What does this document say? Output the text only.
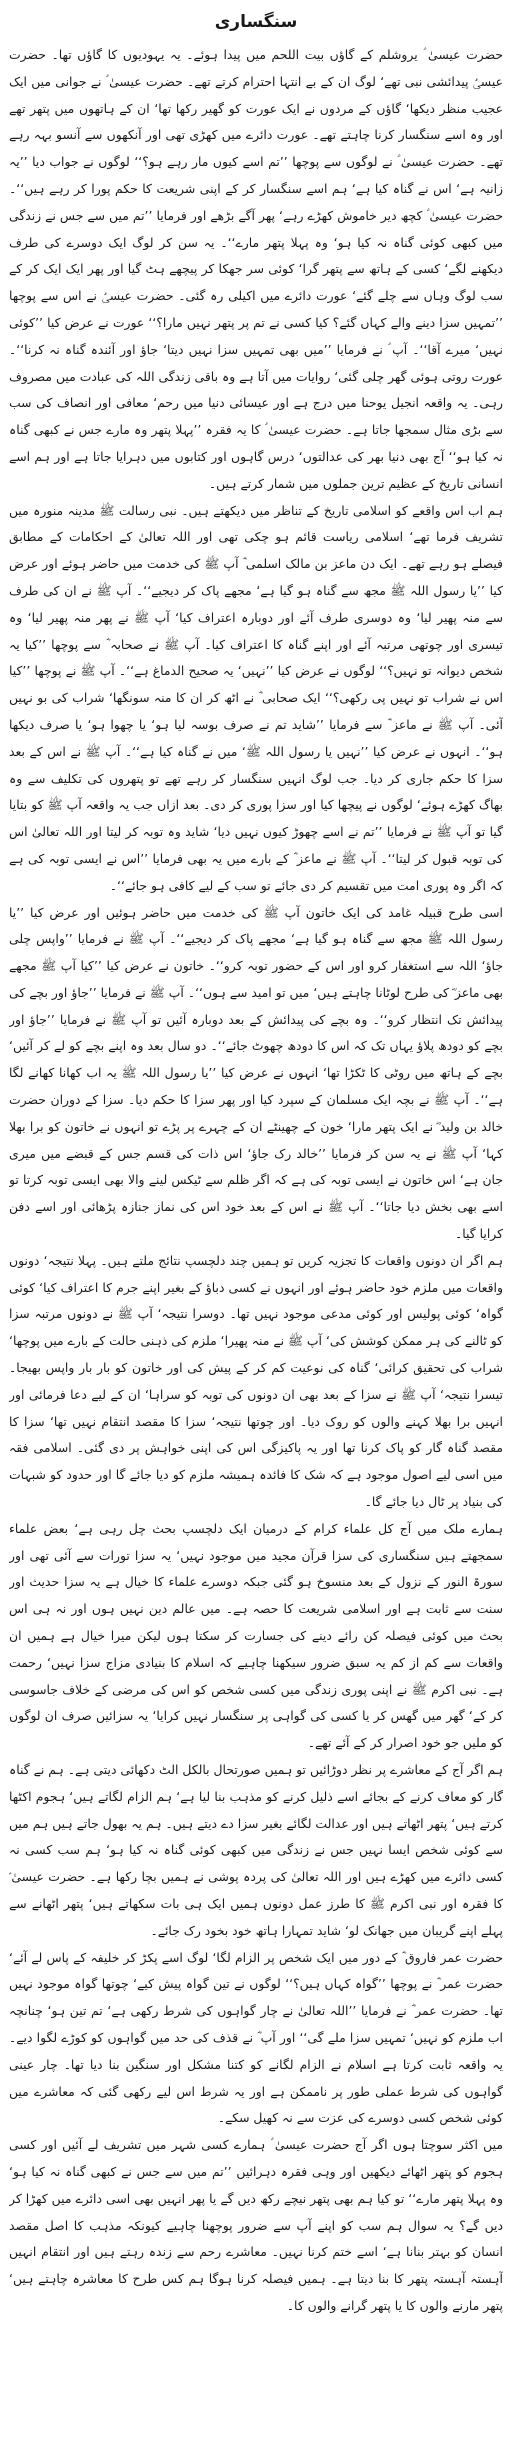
سنگساری

حضرت عیسیٰ ؑ یروشلم کے گاؤں بیت اللحم میں پیدا ہوئے۔ یہ یہودیوں کا گاؤں تھا۔ حضرت عیسیٰؑ پیدائشی نبی تھے‘ لوگ ان کے بے انتہا احترام کرتے تھے۔ حضرت عیسیٰ ؑ نے جوانی میں ایک عجیب منظر دیکھا‘ گاؤں کے مردوں نے ایک عورت کو گھیر رکھا تھا‘ ان کے ہاتھوں میں پتھر تھے اور وہ اسے سنگسار کرنا چاہتے تھے۔ عورت دائرے میں کھڑی تھی اور آنکھوں سے آنسو بہہ رہے تھے۔ حضرت عیسیٰ ؑ نے لوگوں سے پوچھا ’’تم اسے کیوں مار رہے ہو؟‘‘ لوگوں نے جواب دیا ’’یہ زانیہ ہے‘ اس نے گناہ کیا ہے‘ ہم اسے سنگسار کر کے اپنی شریعت کا حکم پورا کر رہے ہیں‘‘۔ حضرت عیسیٰ ؑ کچھ دیر خاموش کھڑے رہے‘ پھر آگے بڑھے اور فرمایا ’’تم میں سے جس نے زندگی میں کبھی کوئی گناہ نہ کیا ہو‘ وہ پہلا پتھر مارے‘‘۔ یہ سن کر لوگ ایک دوسرے کی طرف دیکھنے لگے‘ کسی کے ہاتھ سے پتھر گرا‘ کوئی سر جھکا کر پیچھے ہٹ گیا اور پھر ایک ایک کر کے سب لوگ وہاں سے چلے گئے‘ عورت دائرے میں اکیلی رہ گئی۔ حضرت عیسیٰؑ نے اس سے پوچھا ’’تمہیں سزا دینے والے کہاں گئے؟ کیا کسی نے تم پر پتھر نہیں مارا؟‘‘ عورت نے عرض کیا ’’کوئی نہیں‘ میرے آقا‘‘۔ آپ ؑ نے فرمایا ’’میں بھی تمہیں سزا نہیں دیتا‘ جاؤ اور آئندہ گناہ نہ کرنا‘‘۔ عورت روتی ہوئی گھر چلی گئی‘ روایات میں آتا ہے وہ باقی زندگی اللہ کی عبادت میں مصروف رہی۔ یہ واقعہ انجیل یوحنا میں درج ہے اور عیسائی دنیا میں رحم‘ معافی اور انصاف کی سب سے بڑی مثال سمجھا جاتا ہے۔ حضرت عیسیٰ ؑ کا یہ فقرہ ’’پہلا پتھر وہ مارے جس نے کبھی گناہ نہ کیا ہو‘‘ آج بھی دنیا بھر کی عدالتوں‘ درس گاہوں اور کتابوں میں دہرایا جاتا ہے اور ہم اسے انسانی تاریخ کے عظیم ترین جملوں میں شمار کرتے ہیں۔

ہم اب اس واقعے کو اسلامی تاریخ کے تناظر میں دیکھتے ہیں۔ نبی رسالت ﷺ مدینہ منورہ میں تشریف فرما تھے‘ اسلامی ریاست قائم ہو چکی تھی اور اللہ تعالیٰ کے احکامات کے مطابق فیصلے ہو رہے تھے۔ ایک دن ماعز بن مالک اسلمی ؓ آپ ﷺ کی خدمت میں حاضر ہوئے اور عرض کیا ’’یا رسول اللہ ﷺ مجھ سے گناہ ہو گیا ہے‘ مجھے پاک کر دیجیے‘‘۔ آپ ﷺ نے ان کی طرف سے منہ پھیر لیا‘ وہ دوسری طرف آئے اور دوبارہ اعتراف کیا‘ آپ ﷺ نے پھر منہ پھیر لیا‘ وہ تیسری اور چوتھی مرتبہ آئے اور اپنے گناہ کا اعتراف کیا۔ آپ ﷺ نے صحابہ ؓ سے پوچھا ’’کیا یہ شخص دیوانہ تو نہیں؟‘‘ لوگوں نے عرض کیا ’’نہیں‘ یہ صحیح الدماغ ہے‘‘۔ آپ ﷺ نے پوچھا ’’کیا اس نے شراب تو نہیں پی رکھی؟‘‘ ایک صحابی ؓ نے اٹھ کر ان کا منہ سونگھا‘ شراب کی بو نہیں آئی۔ آپ ﷺ نے ماعز ؓ سے فرمایا ’’شاید تم نے صرف بوسہ لیا ہو‘ یا چھوا ہو‘ یا صرف دیکھا ہو‘‘۔ انہوں نے عرض کیا ’’نہیں یا رسول اللہ ﷺ‘ میں نے گناہ کیا ہے‘‘۔ آپ ﷺ نے اس کے بعد سزا کا حکم جاری کر دیا۔ جب لوگ انہیں سنگسار کر رہے تھے تو پتھروں کی تکلیف سے وہ بھاگ کھڑے ہوئے‘ لوگوں نے پیچھا کیا اور سزا پوری کر دی۔ بعد ازاں جب یہ واقعہ آپ ﷺ کو بتایا گیا تو آپ ﷺ نے فرمایا ’’تم نے اسے چھوڑ کیوں نہیں دیا‘ شاید وہ توبہ کر لیتا اور اللہ تعالیٰ اس کی توبہ قبول کر لیتا‘‘۔ آپ ﷺ نے ماعز ؓ کے بارے میں یہ بھی فرمایا ’’اس نے ایسی توبہ کی ہے کہ اگر وہ پوری امت میں تقسیم کر دی جائے تو سب کے لیے کافی ہو جائے‘‘۔

اسی طرح قبیلہ غامد کی ایک خاتون آپ ﷺ کی خدمت میں حاضر ہوئیں اور عرض کیا ’’یا رسول اللہ ﷺ مجھ سے گناہ ہو گیا ہے‘ مجھے پاک کر دیجیے‘‘۔ آپ ﷺ نے فرمایا ’’واپس چلی جاؤ‘ اللہ سے استغفار کرو اور اس کے حضور توبہ کرو‘‘۔ خاتون نے عرض کیا ’’کیا آپ ﷺ مجھے بھی ماعز ؓ کی طرح لوٹانا چاہتے ہیں‘ میں تو امید سے ہوں‘‘۔ آپ ﷺ نے فرمایا ’’جاؤ اور بچے کی پیدائش تک انتظار کرو‘‘۔ وہ بچے کی پیدائش کے بعد دوبارہ آئیں تو آپ ﷺ نے فرمایا ’’جاؤ اور بچے کو دودھ پلاؤ یہاں تک کہ اس کا دودھ چھوٹ جائے‘‘۔ دو سال بعد وہ اپنے بچے کو لے کر آئیں‘ بچے کے ہاتھ میں روٹی کا ٹکڑا تھا‘ انہوں نے عرض کیا ’’یا رسول اللہ ﷺ یہ اب کھانا کھانے لگا ہے‘‘۔ آپ ﷺ نے بچہ ایک مسلمان کے سپرد کیا اور پھر سزا کا حکم دیا۔ سزا کے دوران حضرت خالد بن ولید ؓ نے ایک پتھر مارا‘ خون کے چھینٹے ان کے چہرے پر پڑے تو انہوں نے خاتون کو برا بھلا کہا‘ آپ ﷺ نے یہ سن کر فرمایا ’’خالد رک جاؤ‘ اس ذات کی قسم جس کے قبضے میں میری جان ہے‘ اس خاتون نے ایسی توبہ کی ہے کہ اگر ظلم سے ٹیکس لینے والا بھی ایسی توبہ کرتا تو اسے بھی بخش دیا جاتا‘‘۔ آپ ﷺ نے اس کے بعد خود اس کی نماز جنازہ پڑھائی اور اسے دفن کرایا گیا۔

ہم اگر ان دونوں واقعات کا تجزیہ کریں تو ہمیں چند دلچسپ نتائج ملتے ہیں۔ پہلا نتیجہ‘ دونوں واقعات میں ملزم خود حاضر ہوئے اور انہوں نے کسی دباؤ کے بغیر اپنے جرم کا اعتراف کیا‘ کوئی گواہ‘ کوئی پولیس اور کوئی مدعی موجود نہیں تھا۔ دوسرا نتیجہ‘ آپ ﷺ نے دونوں مرتبہ سزا کو ٹالنے کی ہر ممکن کوشش کی‘ آپ ﷺ نے منہ پھیرا‘ ملزم کی ذہنی حالت کے بارے میں پوچھا‘ شراب کی تحقیق کرائی‘ گناہ کی نوعیت کم کر کے پیش کی اور خاتون کو بار بار واپس بھیجا۔ تیسرا نتیجہ‘ آپ ﷺ نے سزا کے بعد بھی ان دونوں کی توبہ کو سراہا‘ ان کے لیے دعا فرمائی اور انہیں برا بھلا کہنے والوں کو روک دیا۔ اور چوتھا نتیجہ‘ سزا کا مقصد انتقام نہیں تھا‘ سزا کا مقصد گناہ گار کو پاک کرنا تھا اور یہ پاکیزگی اس کی اپنی خواہش پر دی گئی۔ اسلامی فقہ میں اسی لیے اصول موجود ہے کہ شک کا فائدہ ہمیشہ ملزم کو دیا جائے گا اور حدود کو شبہات کی بنیاد پر ٹال دیا جائے گا۔

ہمارے ملک میں آج کل علماء کرام کے درمیان ایک دلچسپ بحث چل رہی ہے‘ بعض علماء سمجھتے ہیں سنگساری کی سزا قرآن مجید میں موجود نہیں‘ یہ سزا تورات سے آئی تھی اور سورۃ النور کے نزول کے بعد منسوخ ہو گئی جبکہ دوسرے علماء کا خیال ہے یہ سزا حدیث اور سنت سے ثابت ہے اور اسلامی شریعت کا حصہ ہے۔ میں عالم دین نہیں ہوں اور نہ ہی اس بحث میں کوئی فیصلہ کن رائے دینے کی جسارت کر سکتا ہوں لیکن میرا خیال ہے ہمیں ان واقعات سے کم از کم یہ سبق ضرور سیکھنا چاہیے کہ اسلام کا بنیادی مزاج سزا نہیں‘ رحمت ہے۔ نبی اکرم ﷺ نے اپنی پوری زندگی میں کسی شخص کو اس کی مرضی کے خلاف جاسوسی کر کے‘ گھر میں گھس کر یا کسی کی گواہی پر سنگسار نہیں کرایا‘ یہ سزائیں صرف ان لوگوں کو ملیں جو خود اصرار کر کے آئے تھے۔

ہم اگر آج کے معاشرے پر نظر دوڑائیں تو ہمیں صورتحال بالکل الٹ دکھائی دیتی ہے۔ ہم نے گناہ گار کو معاف کرنے کے بجائے اسے ذلیل کرنے کو مذہب بنا لیا ہے‘ ہم الزام لگاتے ہیں‘ ہجوم اکٹھا کرتے ہیں‘ پتھر اٹھاتے ہیں اور عدالت لگائے بغیر سزا دے دیتے ہیں۔ ہم یہ بھول جاتے ہیں ہم میں سے کوئی شخص ایسا نہیں جس نے زندگی میں کبھی کوئی گناہ نہ کیا ہو‘ ہم سب کسی نہ کسی دائرے میں کھڑے ہیں اور اللہ تعالیٰ کی پردہ پوشی نے ہمیں بچا رکھا ہے۔ حضرت عیسیٰ ؑ کا فقرہ اور نبی اکرم ﷺ کا طرز عمل دونوں ہمیں ایک ہی بات سکھاتے ہیں‘ پتھر اٹھانے سے پہلے اپنے گریبان میں جھانک لو‘ شاید تمہارا ہاتھ خود بخود رک جائے۔

حضرت عمر فاروق ؓ کے دور میں ایک شخص پر الزام لگا‘ لوگ اسے پکڑ کر خلیفہ کے پاس لے آئے‘ حضرت عمر ؓ نے پوچھا ’’گواہ کہاں ہیں؟‘‘ لوگوں نے تین گواہ پیش کیے‘ چوتھا گواہ موجود نہیں تھا۔ حضرت عمر ؓ نے فرمایا ’’اللہ تعالیٰ نے چار گواہوں کی شرط رکھی ہے‘ تم تین ہو‘ چنانچہ اب ملزم کو نہیں‘ تمہیں سزا ملے گی‘‘ اور آپ ؓ نے قذف کی حد میں گواہوں کو کوڑے لگوا دیے۔ یہ واقعہ ثابت کرتا ہے اسلام نے الزام لگانے کو کتنا مشکل اور سنگین بنا دیا تھا۔ چار عینی گواہوں کی شرط عملی طور پر ناممکن ہے اور یہ شرط اس لیے رکھی گئی کہ معاشرے میں کوئی شخص کسی دوسرے کی عزت سے نہ کھیل سکے۔

میں اکثر سوچتا ہوں اگر آج حضرت عیسیٰ ؑ ہمارے کسی شہر میں تشریف لے آئیں اور کسی ہجوم کو پتھر اٹھائے دیکھیں اور وہی فقرہ دہرائیں ’’تم میں سے جس نے کبھی گناہ نہ کیا ہو‘ وہ پہلا پتھر مارے‘‘ تو کیا ہم بھی پتھر نیچے رکھ دیں گے یا پھر انہیں بھی اسی دائرے میں کھڑا کر دیں گے؟ یہ سوال ہم سب کو اپنے آپ سے ضرور پوچھنا چاہیے کیونکہ مذہب کا اصل مقصد انسان کو بہتر بنانا ہے‘ اسے ختم کرنا نہیں۔ معاشرے رحم سے زندہ رہتے ہیں اور انتقام انہیں آہستہ آہستہ پتھر کا بنا دیتا ہے۔ ہمیں فیصلہ کرنا ہوگا ہم کس طرح کا معاشرہ چاہتے ہیں‘ پتھر مارنے والوں کا یا پتھر گرانے والوں کا۔
